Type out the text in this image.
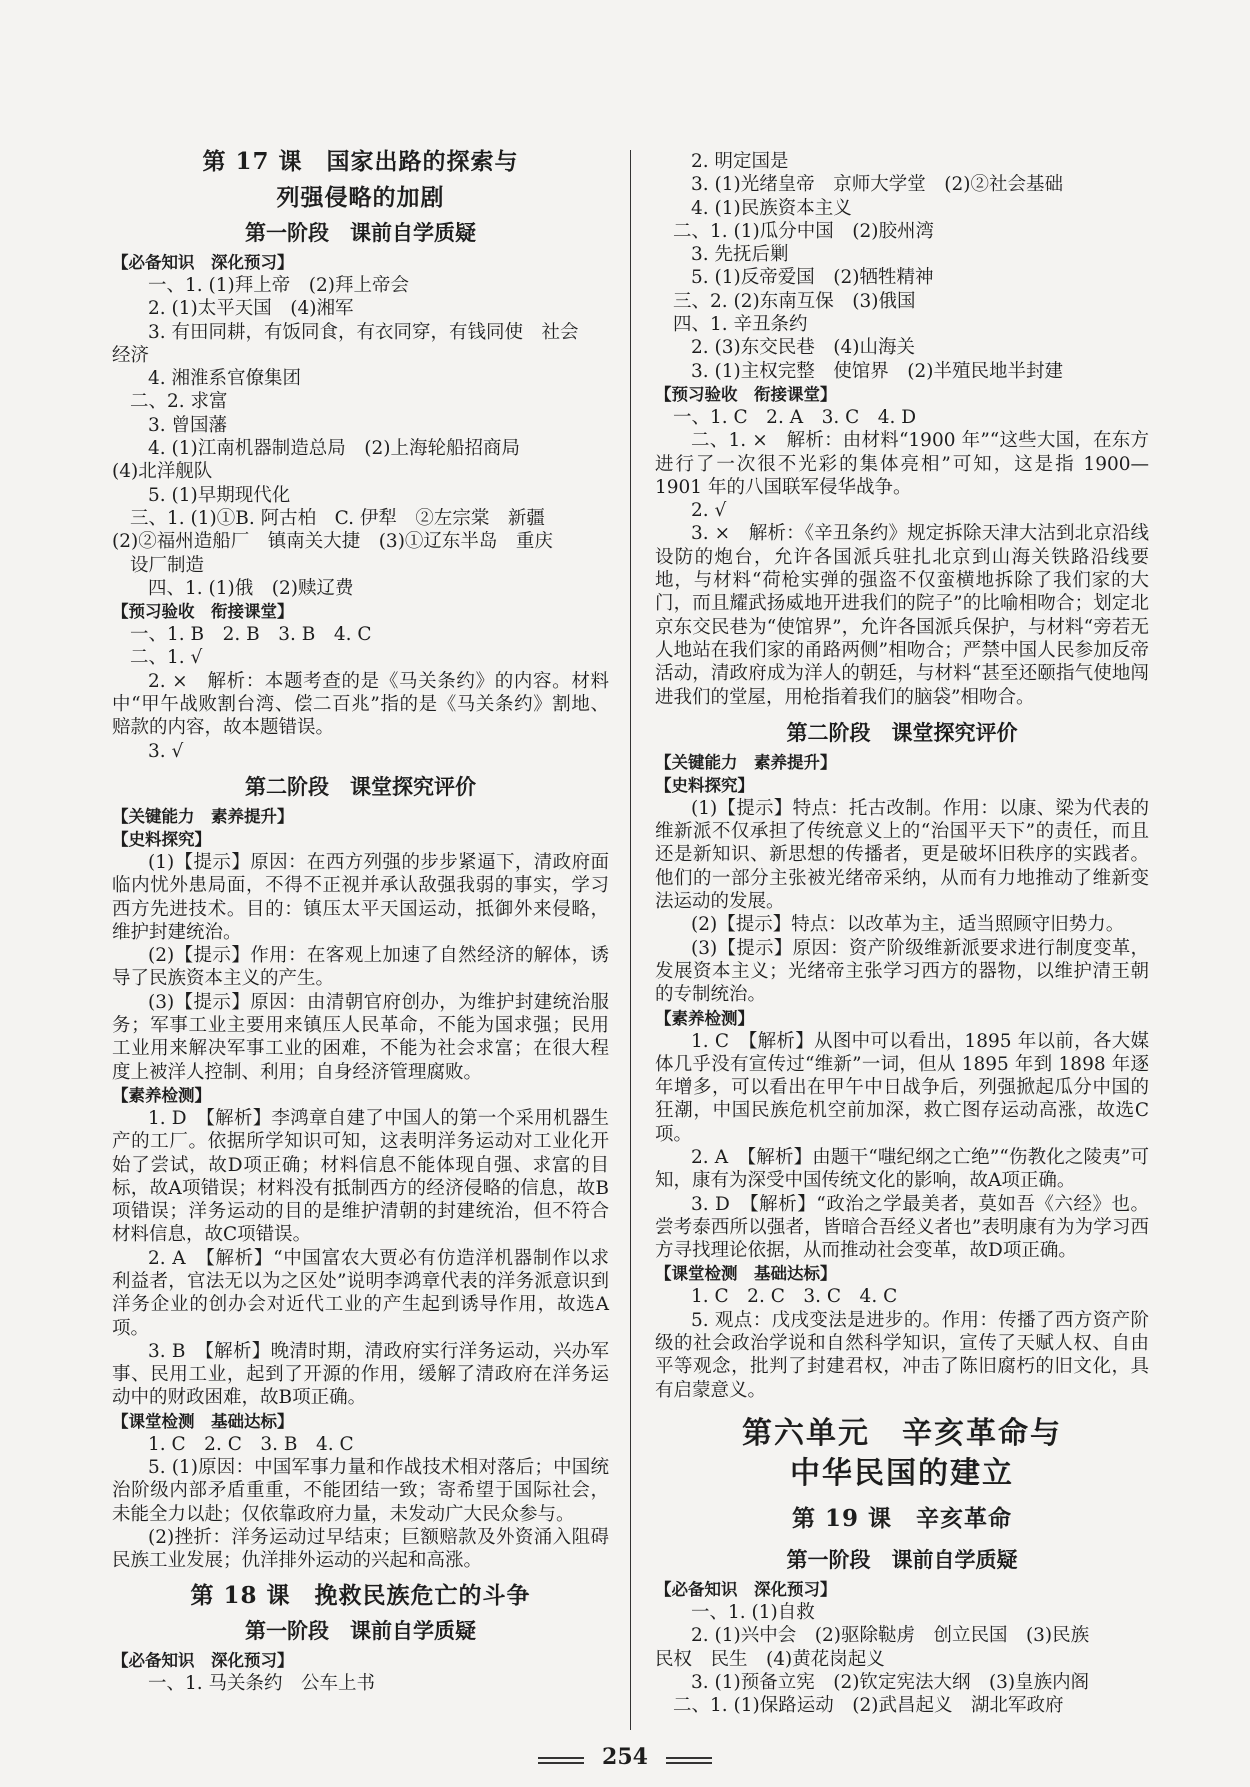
第 17 课　国家出路的探索与
列强侵略的加剧
第一阶段　课前自学质疑
【必备知识　深化预习】
一、1. (1)拜上帝　(2)拜上帝会
2. (1)太平天国　(4)湘军
3. 有田同耕，有饭同食，有衣同穿，有钱同使　社会
经济
4. 湘淮系官僚集团
二、2. 求富
3. 曾国藩
4. (1)江南机器制造总局　(2)上海轮船招商局
(4)北洋舰队
5. (1)早期现代化
三、1. (1)①B. 阿古柏　C. 伊犁　②左宗棠　新疆
(2)②福州造船厂　镇南关大捷　(3)①辽东半岛　重庆
设厂制造
四、1. (1)俄　(2)赎辽费
【预习验收　衔接课堂】
一、1. B　2. B　3. B　4. C
二、1. √
2. ×　解析：本题考查的是《马关条约》的内容。材料中“甲午战败割台湾、偿二百兆”指的是《马关条约》割地、赔款的内容，故本题错误。
3. √
第二阶段　课堂探究评价
【关键能力　素养提升】
【史料探究】
(1)【提示】原因：在西方列强的步步紧逼下，清政府面临内忧外患局面，不得不正视并承认敌强我弱的事实，学习西方先进技术。目的：镇压太平天国运动，抵御外来侵略，维护封建统治。
(2)【提示】作用：在客观上加速了自然经济的解体，诱导了民族资本主义的产生。
(3)【提示】原因：由清朝官府创办，为维护封建统治服务；军事工业主要用来镇压人民革命，不能为国求强；民用工业用来解决军事工业的困难，不能为社会求富；在很大程度上被洋人控制、利用；自身经济管理腐败。
【素养检测】
1. D　【解析】李鸿章自建了中国人的第一个采用机器生产的工厂。依据所学知识可知，这表明洋务运动对工业化开始了尝试，故D项正确；材料信息不能体现自强、求富的目标，故A项错误；材料没有抵制西方的经济侵略的信息，故B项错误；洋务运动的目的是维护清朝的封建统治，但不符合材料信息，故C项错误。
2. A　【解析】“中国富农大贾必有仿造洋机器制作以求利益者，官法无以为之区处”说明李鸿章代表的洋务派意识到洋务企业的创办会对近代工业的产生起到诱导作用，故选A项。
3. B　【解析】晚清时期，清政府实行洋务运动，兴办军事、民用工业，起到了开源的作用，缓解了清政府在洋务运动中的财政困难，故B项正确。
【课堂检测　基础达标】
1. C　2. C　3. B　4. C
5. (1)原因：中国军事力量和作战技术相对落后；中国统治阶级内部矛盾重重，不能团结一致；寄希望于国际社会，未能全力以赴；仅依靠政府力量，未发动广大民众参与。
(2)挫折：洋务运动过早结束；巨额赔款及外资涌入阻碍民族工业发展；仇洋排外运动的兴起和高涨。
第 18 课　挽救民族危亡的斗争
第一阶段　课前自学质疑
【必备知识　深化预习】
一、1. 马关条约　公车上书
2. 明定国是
3. (1)光绪皇帝　京师大学堂　(2)②社会基础
4. (1)民族资本主义
二、1. (1)瓜分中国　(2)胶州湾
3. 先抚后剿
5. (1)反帝爱国　(2)牺牲精神
三、2. (2)东南互保　(3)俄国
四、1. 辛丑条约
2. (3)东交民巷　(4)山海关
3. (1)主权完整　使馆界　(2)半殖民地半封建
【预习验收　衔接课堂】
一、1. C　2. A　3. C　4. D
二、1. ×　解析：由材料“1900 年”“这些大国，在东方进行了一次很不光彩的集体亮相”可知，这是指 1900—1901 年的八国联军侵华战争。
2. √
3. ×　解析：《辛丑条约》规定拆除天津大沽到北京沿线设防的炮台，允许各国派兵驻扎北京到山海关铁路沿线要地，与材料“荷枪实弹的强盗不仅蛮横地拆除了我们家的大门，而且耀武扬威地开进我们的院子”的比喻相吻合；划定北京东交民巷为“使馆界”，允许各国派兵保护，与材料“旁若无人地站在我们家的甬路两侧”相吻合；严禁中国人民参加反帝活动，清政府成为洋人的朝廷，与材料“甚至还颐指气使地闯进我们的堂屋，用枪指着我们的脑袋”相吻合。
第二阶段　课堂探究评价
【关键能力　素养提升】
【史料探究】
(1)【提示】特点：托古改制。作用：以康、梁为代表的维新派不仅承担了传统意义上的“治国平天下”的责任，而且还是新知识、新思想的传播者，更是破坏旧秩序的实践者。他们的一部分主张被光绪帝采纳，从而有力地推动了维新变法运动的发展。
(2)【提示】特点：以改革为主，适当照顾守旧势力。
(3)【提示】原因：资产阶级维新派要求进行制度变革，发展资本主义；光绪帝主张学习西方的器物，以维护清王朝的专制统治。
【素养检测】
1. C　【解析】从图中可以看出，1895 年以前，各大媒体几乎没有宣传过“维新”一词，但从 1895 年到 1898 年逐年增多，可以看出在甲午中日战争后，列强掀起瓜分中国的狂潮，中国民族危机空前加深，救亡图存运动高涨，故选C项。
2. A　【解析】由题干“嗤纪纲之亡绝”“伤教化之陵夷”可知，康有为深受中国传统文化的影响，故A项正确。
3. D　【解析】“政治之学最美者，莫如吾《六经》也。尝考泰西所以强者，皆暗合吾经义者也”表明康有为为学习西方寻找理论依据，从而推动社会变革，故D项正确。
【课堂检测　基础达标】
1. C　2. C　3. C　4. C
5. 观点：戊戌变法是进步的。作用：传播了西方资产阶级的社会政治学说和自然科学知识，宣传了天赋人权、自由平等观念，批判了封建君权，冲击了陈旧腐朽的旧文化，具有启蒙意义。
第六单元　辛亥革命与
中华民国的建立
第 19 课　辛亥革命
第一阶段　课前自学质疑
【必备知识　深化预习】
一、1. (1)自救
2. (1)兴中会　(2)驱除鞑虏　创立民国　(3)民族
民权　民生　(4)黄花岗起义
3. (1)预备立宪　(2)钦定宪法大纲　(3)皇族内阁
二、1. (1)保路运动　(2)武昌起义　湖北军政府
254
